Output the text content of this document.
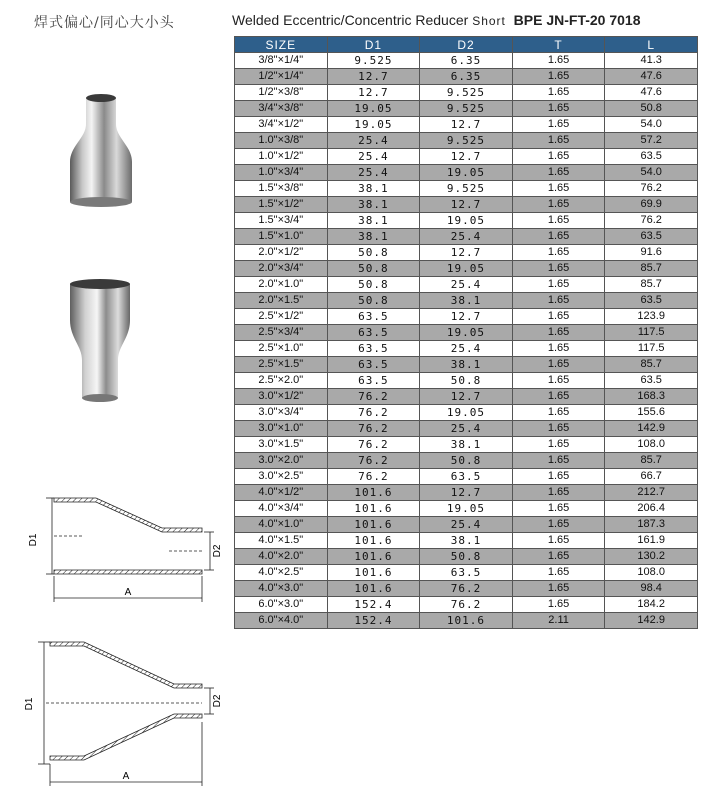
焊式偏心/同心大小头	Welded Eccentric/Concentric Reducer Short BPE JN-FT-20 7018
D1
D2
A
D1	D2
A
SIZE	D1	D2	T	L
3/8"×1/4"	9.525	6.35	1.65	41.3
1/2"×1/4"	12.7	6.35	1.65	47.6
1/2"×3/8"	12.7	9.525	1.65	47.6
3/4"×3/8"	19.05	9.525	1.65	50.8
3/4"×1/2"	19.05	12.7	1.65	54.0
1.0"×3/8"	25.4	9.525	1.65	57.2
1.0"×1/2"	25.4	12.7	1.65	63.5
1.0"×3/4"	25.4	19.05	1.65	54.0
1.5"×3/8"	38.1	9.525	1.65	76.2
1.5"×1/2"	38.1	12.7	1.65	69.9
1.5"×3/4"	38.1	19.05	1.65	76.2
1.5"×1.0"	38.1	25.4	1.65	63.5
2.0"×1/2"	50.8	12.7	1.65	91.6
2.0"×3/4"	50.8	19.05	1.65	85.7
2.0"×1.0"	50.8	25.4	1.65	85.7
2.0"×1.5"	50.8	38.1	1.65	63.5
2.5"×1/2"	63.5	12.7	1.65	123.9
2.5"×3/4"	63.5	19.05	1.65	117.5
2.5"×1.0"	63.5	25.4	1.65	117.5
2.5"×1.5"	63.5	38.1	1.65	85.7
2.5"×2.0"	63.5	50.8	1.65	63.5
3.0"×1/2"	76.2	12.7	1.65	168.3
3.0"×3/4"	76.2	19.05	1.65	155.6
3.0"×1.0"	76.2	25.4	1.65	142.9
3.0"×1.5"	76.2	38.1	1.65	108.0
3.0"×2.0"	76.2	50.8	1.65	85.7
3.0"×2.5"	76.2	63.5	1.65	66.7
4.0"×1/2"	101.6	12.7	1.65	212.7
4.0"×3/4"	101.6	19.05	1.65	206.4
4.0"×1.0"	101.6	25.4	1.65	187.3
4.0"×1.5"	101.6	38.1	1.65	161.9
4.0"×2.0"	101.6	50.8	1.65	130.2
4.0"×2.5"	101.6	63.5	1.65	108.0
4.0"×3.0"	101.6	76.2	1.65	98.4
6.0"×3.0"	152.4	76.2	1.65	184.2
6.0"×4.0"	152.4	101.6	2.11	142.9
